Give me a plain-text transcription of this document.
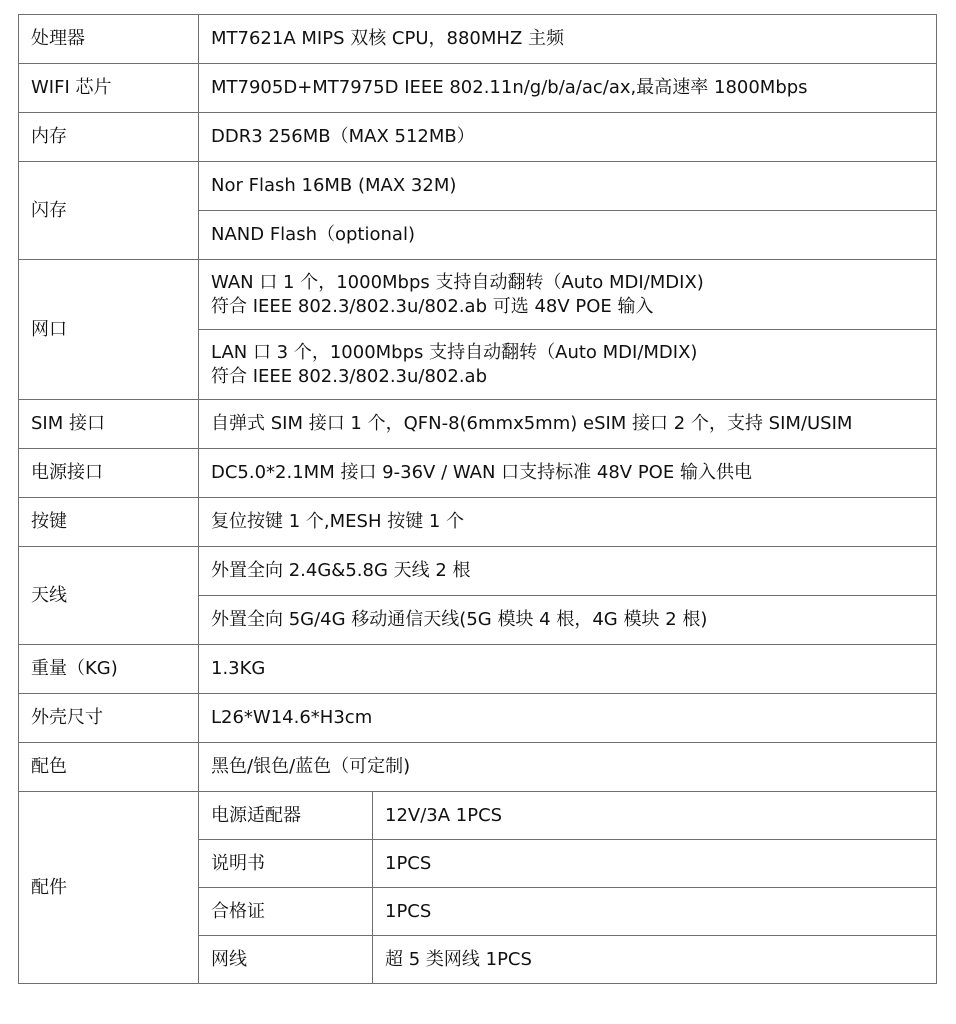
处理器	MT7621A MIPS 双核 CPU，880MHZ 主频	
WIFI 芯片	MT7905D+MT7975D IEEE 802.11n/g/b/a/ac/ax,最高速率 1800Mbps	
内存	DDR3 256MB（MAX 512MB）	
闪存	Nor Flash 16MB (MAX 32M)	
	NAND Flash（optional)	
网口	WAN 口 1 个，1000Mbps 支持自动翻转（Auto MDI/MDIX)
符合 IEEE 802.3/802.3u/802.ab 可选 48V POE 输入	

	LAN 口 3 个，1000Mbps 支持自动翻转（Auto MDI/MDIX)
符合 IEEE 802.3/802.3u/802.ab	

SIM 接口	自弹式 SIM 接口 1 个，QFN-8(6mmx5mm) eSIM 接口 2 个，支持 SIM/USIM	
电源接口	DC5.0*2.1MM 接口 9-36V / WAN 口支持标准 48V POE 输入供电	
按键	复位按键 1 个,MESH 按键 1 个	
天线	外置全向 2.4G&5.8G 天线 2 根	
	外置全向 5G/4G 移动通信天线(5G 模块 4 根，4G 模块 2 根)	
重量（KG)	1.3KG	
外壳尺寸	L26*W14.6*H3cm	
配色	黑色/银色/蓝色（可定制)	
配件	电源适配器	12V/3A 1PCS
	说明书	1PCS
	合格证	1PCS
	网线	超 5 类网线 1PCS
